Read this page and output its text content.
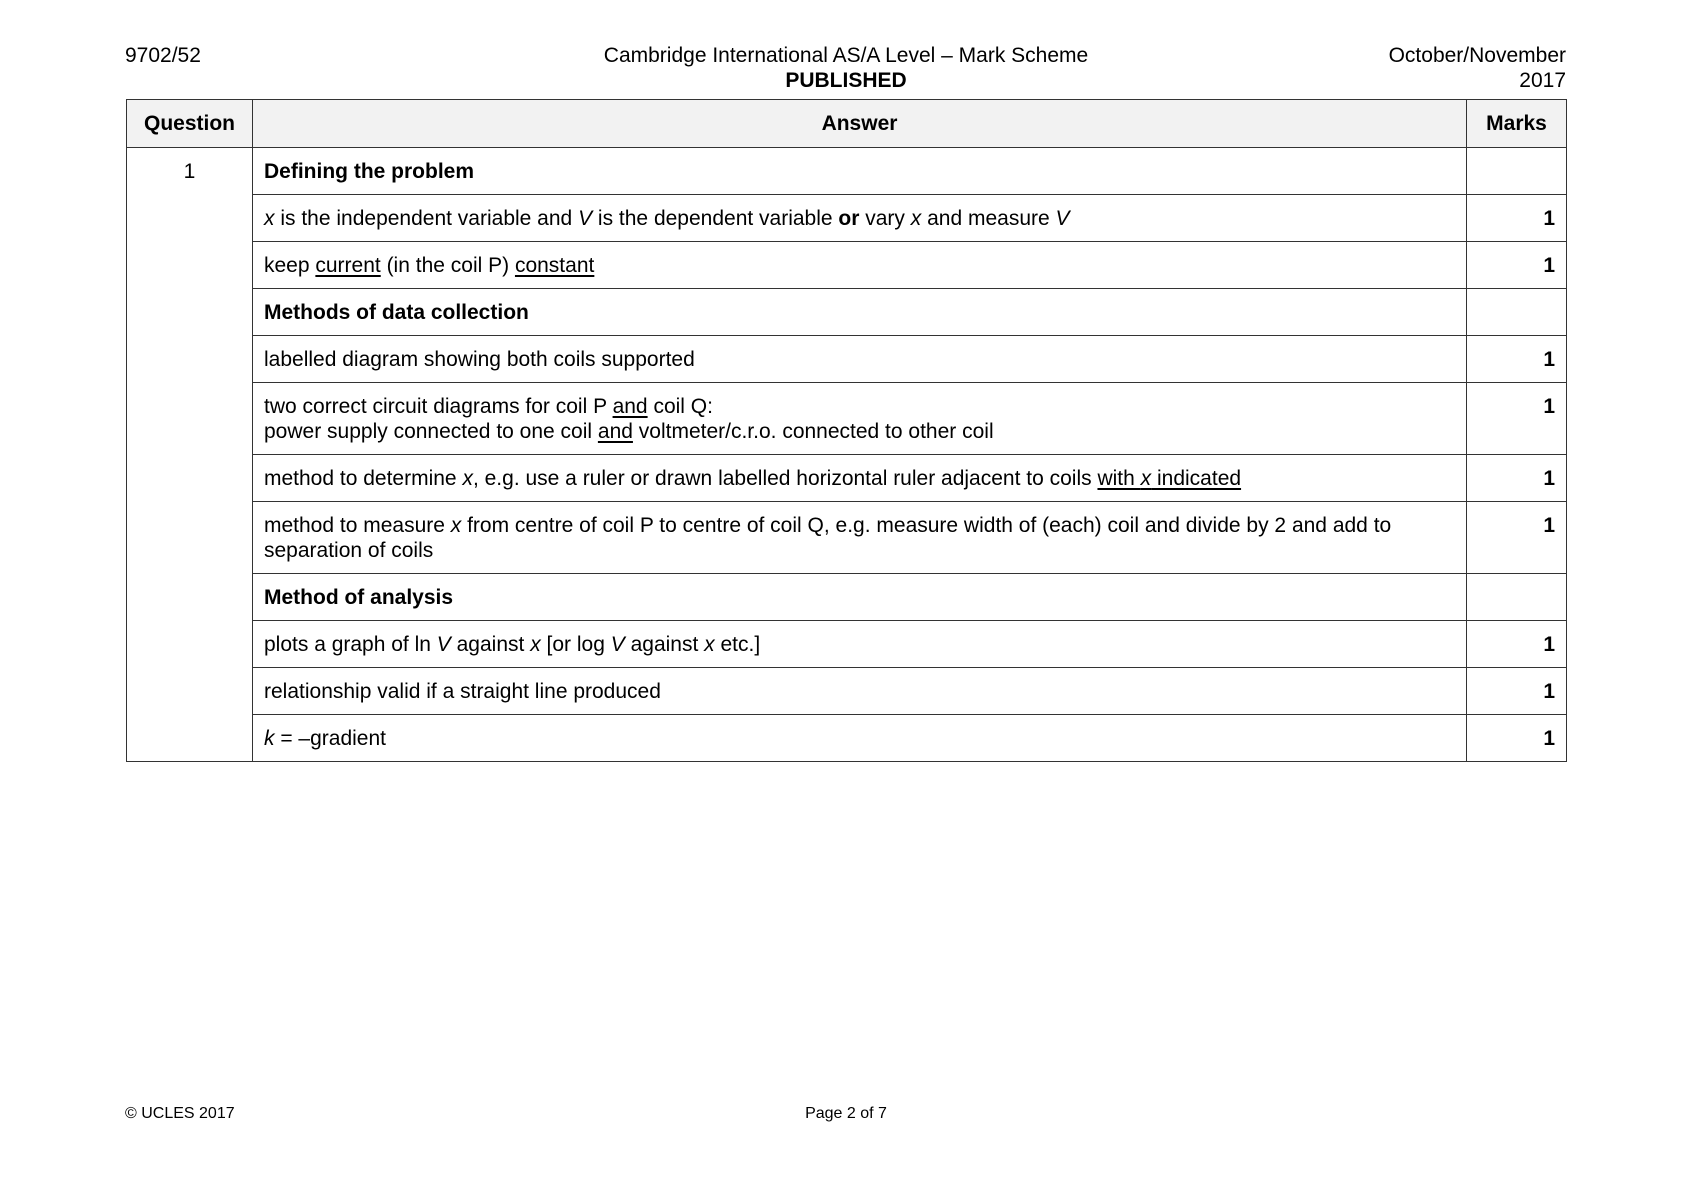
9702/52	Cambridge International AS/A Level – Mark Scheme
PUBLISHED
October/November
2017
Question	Answer	Marks
1	Defining the problem	
	x is the independent variable and V is the dependent variable or vary x and measure V	1
	keep current (in the coil P) constant	1
	Methods of data collection	
	labelled diagram showing both coils supported	1
	two correct circuit diagrams for coil P and coil Q:
power supply connected to one coil and voltmeter/c.r.o. connected to other coil	1
	method to determine x, e.g. use a ruler or drawn labelled horizontal ruler adjacent to coils with x indicated	1
	method to measure x from centre of coil P to centre of coil Q, e.g. measure width of (each) coil and divide by 2 and add to separation of coils	1
	Method of analysis	
	plots a graph of ln V against x [or log V against x etc.]	1
	relationship valid if a straight line produced	1
	k = –gradient	1
© UCLES 2017	Page 2 of 7
